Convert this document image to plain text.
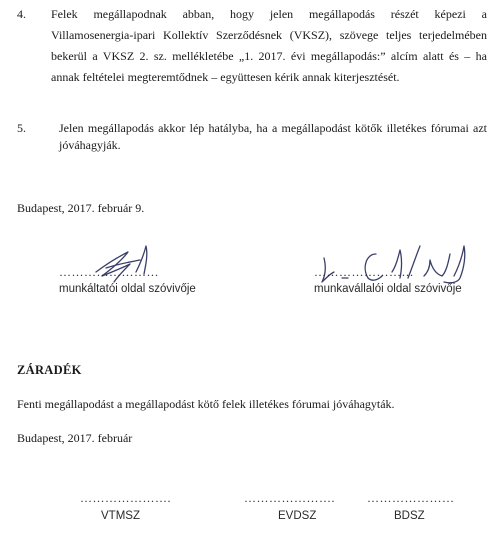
4. Felek megállapodnak abban, hogy jelen megállapodás részét képezi a
Villamosenergia-ipari Kollektív Szerződésnek (VKSZ), szövege teljes terjedelmében
bekerül a VKSZ 2. sz. mellékletébe „1. 2017. évi megállapodás:” alcím alatt és – ha
annak feltételei megteremtődnek – együttesen kérik annak kiterjesztését.
5.	Jelen megállapodás akkor lép hatályba, ha a megállapodást kötők illetékes fórumai azt
jóváhagyják.
Budapest, 2017. február 9.
……………………
munkáltatói oldal szóvivője
……………………
munkavállalói oldal szóvivője
ZÁRADÉK
Fenti megállapodást a megállapodást kötő felek illetékes fórumai jóváhagyták.
Budapest, 2017. február
………………….
VTMSZ
………………….
EVDSZ
…………………
BDSZ
